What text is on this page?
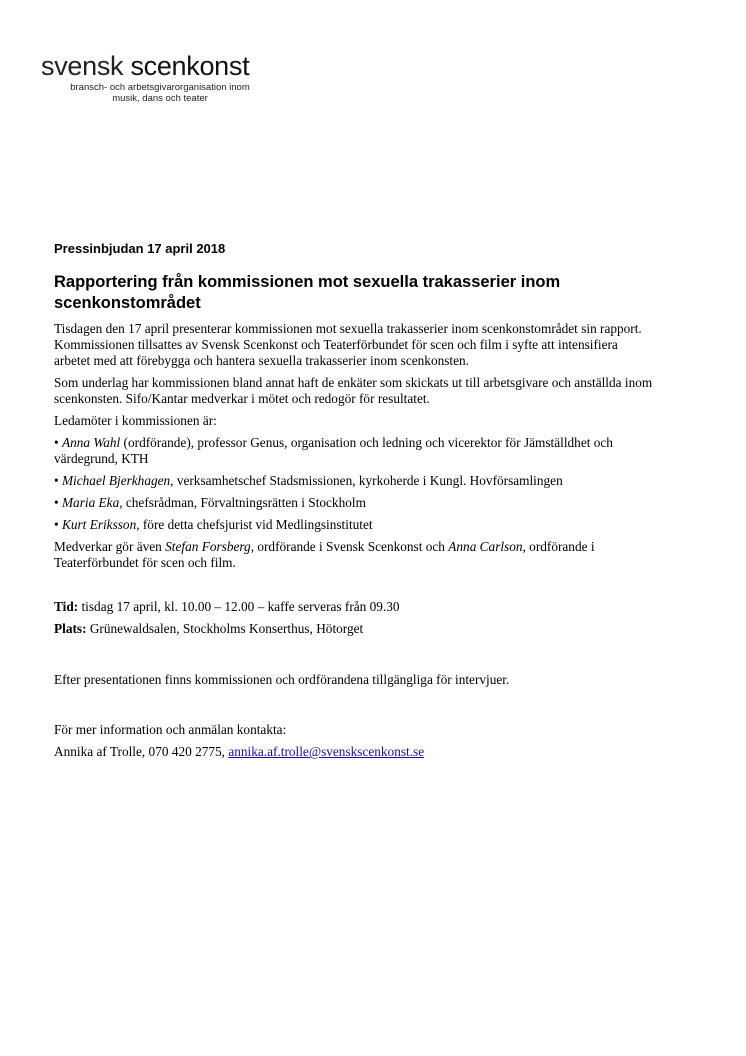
svensk scenkonst
bransch- och arbetsgivarorganisation inom
musik, dans och teater
Pressinbjudan 17 april 2018
Rapportering från kommissionen mot sexuella trakasserier inom scenkonstområdet

Tisdagen den 17 april presenterar kommissionen mot sexuella trakasserier inom scenkonstområdet sin rapport. Kommissionen tillsattes av Svensk Scenkonst och Teaterförbundet för scen och film i syfte att intensifiera arbetet med att förebygga och hantera sexuella trakasserier inom scenkonsten.

Som underlag har kommissionen bland annat haft de enkäter som skickats ut till arbetsgivare och anställda inom scenkonsten. Sifo/Kantar medverkar i mötet och redogör för resultatet.

Ledamöter i kommissionen är:

• Anna Wahl (ordförande), professor Genus, organisation och ledning och vicerektor för Jämställdhet och värdegrund, KTH

• Michael Bjerkhagen, verksamhetschef Stadsmissionen, kyrkoherde i Kungl. Hovförsamlingen

• Maria Eka, chefsrådman, Förvaltningsrätten i Stockholm

• Kurt Eriksson, före detta chefsjurist vid Medlingsinstitutet

Medverkar gör även Stefan Forsberg, ordförande i Svensk Scenkonst och Anna Carlson, ordförande i Teaterförbundet för scen och film.

Tid: tisdag 17 april, kl. 10.00 – 12.00 – kaffe serveras från 09.30

Plats: Grünewaldsalen, Stockholms Konserthus, Hötorget

Efter presentationen finns kommissionen och ordförandena tillgängliga för intervjuer.

För mer information och anmälan kontakta:

Annika af Trolle, 070 420 2775, annika.af.trolle@svenskscenkonst.se
